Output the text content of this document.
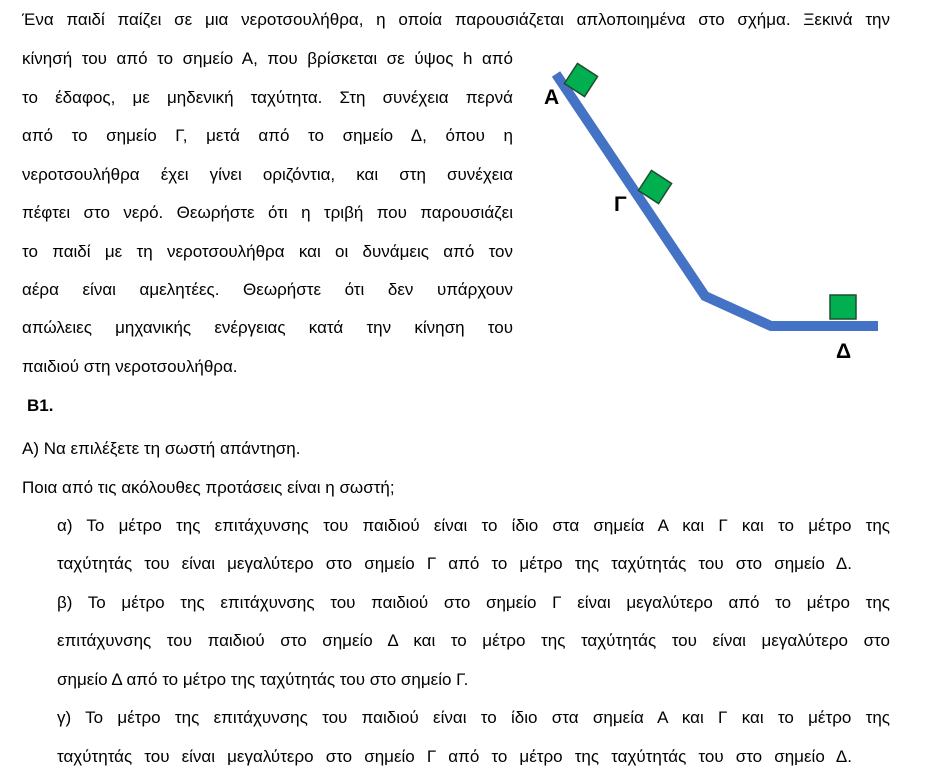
Ένα παιδί παίζει σε μια νεροτσουλήθρα, η οποία παρουσιάζεται απλοποιημένα στο σχήμα. Ξεκινά την
κίνησή του από το σημείο Α, που βρίσκεται σε ύψος h από
το έδαφος, με μηδενική ταχύτητα. Στη συνέχεια περνά
από το σημείο Γ, μετά από το σημείο Δ, όπου η
νεροτσουλήθρα έχει γίνει οριζόντια, και στη συνέχεια
πέφτει στο νερό. Θεωρήστε ότι η τριβή που παρουσιάζει
το παιδί με τη νεροτσουλήθρα και οι δυνάμεις από τον
αέρα είναι αμελητέες. Θεωρήστε ότι δεν υπάρχουν
απώλειες μηχανικής ενέργειας κατά την κίνηση του
παιδιού στη νεροτσουλήθρα.
Α
Γ
Δ
Β1.
Α) Να επιλέξετε τη σωστή απάντηση.
Ποια από τις ακόλουθες προτάσεις είναι η σωστή;
α) Το μέτρο της επιτάχυνσης του παιδιού είναι το ίδιο στα σημεία Α και Γ και το μέτρο της
ταχύτητάς του είναι μεγαλύτερο στο σημείο Γ από το μέτρο της ταχύτητάς του στο σημείο Δ.
β) Το μέτρο της επιτάχυνσης του παιδιού στο σημείο Γ είναι μεγαλύτερο από το μέτρο της
επιτάχυνσης του παιδιού στο σημείο Δ και το μέτρο της ταχύτητάς του είναι μεγαλύτερο στο
σημείο Δ από το μέτρο της ταχύτητάς του στο σημείο Γ.
γ) Το μέτρο της επιτάχυνσης του παιδιού είναι το ίδιο στα σημεία Α και Γ και το μέτρο της
ταχύτητάς του είναι μεγαλύτερο στο σημείο Γ από το μέτρο της ταχύτητάς του στο σημείο Δ.
